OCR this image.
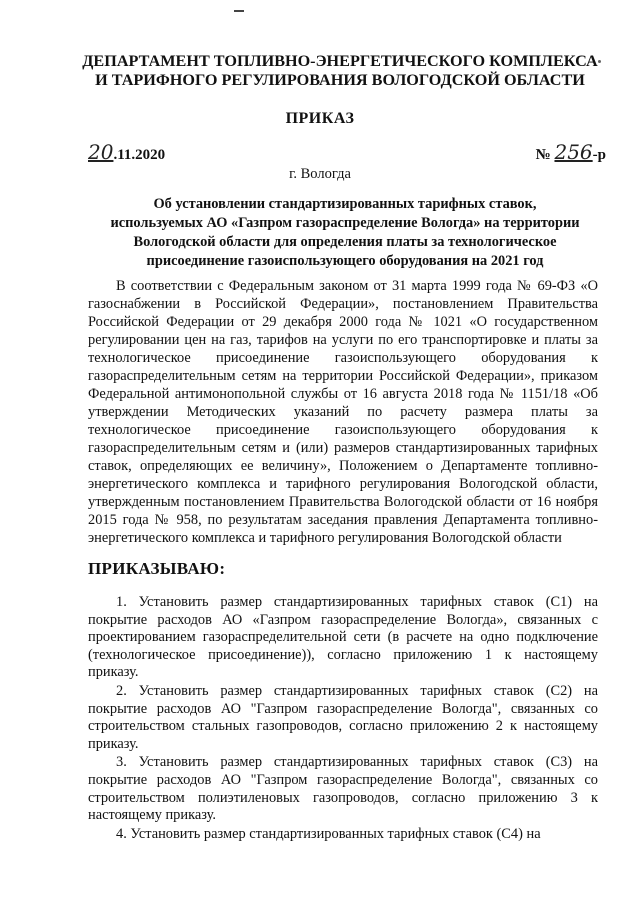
ДЕПАРТАМЕНТ ТОПЛИВНО-ЭНЕРГЕТИЧЕСКОГО КОМПЛЕКСА
И ТАРИФНОГО РЕГУЛИРОВАНИЯ ВОЛОГОДСКОЙ ОБЛАСТИ
ПРИКАЗ
20.11.2020	№ 256-р
г. Вологда
Об установлении стандартизированных тарифных ставок,
используемых АО «Газпром газораспределение Вологда» на территории
Вологодской области для определения платы за технологическое
присоединение газоиспользующего оборудования на 2021 год
В соответствии с Федеральным законом от 31 марта 1999 года № 69-ФЗ «О газоснабжении в Российской Федерации», постановлением Правительства Российской Федерации от 29 декабря 2000 года № 1021 «О государственном регулировании цен на газ, тарифов на услуги по его транспортировке и платы за технологическое присоединение газоиспользующего оборудования к газораспределительным сетям на территории Российской Федерации», приказом Федеральной антимонопольной службы от 16 августа 2018 года № 1151/18 «Об утверждении Методических указаний по расчету размера платы за технологическое присоединение газоиспользующего оборудования к газораспределительным сетям и (или) размеров стандартизированных тарифных ставок, определяющих ее величину», Положением о Департаменте топливно-энергетического комплекса и тарифного регулирования Вологодской области, утвержденным постановлением Правительства Вологодской области от 16 ноября 2015 года № 958, по результатам заседания правления Департамента топливно-энергетического комплекса и тарифного регулирования Вологодской области
ПРИКАЗЫВАЮ:
1. Установить размер стандартизированных тарифных ставок (С1) на покрытие расходов АО «Газпром газораспределение Вологда», связанных с проектированием газораспределительной сети (в расчете на одно подключение (технологическое присоединение)), согласно приложению 1 к настоящему приказу.
2. Установить размер стандартизированных тарифных ставок (С2) на покрытие расходов АО "Газпром газораспределение Вологда", связанных со строительством стальных газопроводов, согласно приложению 2 к настоящему приказу.
3. Установить размер стандартизированных тарифных ставок (С3) на покрытие расходов АО "Газпром газораспределение Вологда", связанных со строительством полиэтиленовых газопроводов, согласно приложению 3 к настоящему приказу.
4. Установить размер стандартизированных тарифных ставок (С4) на
